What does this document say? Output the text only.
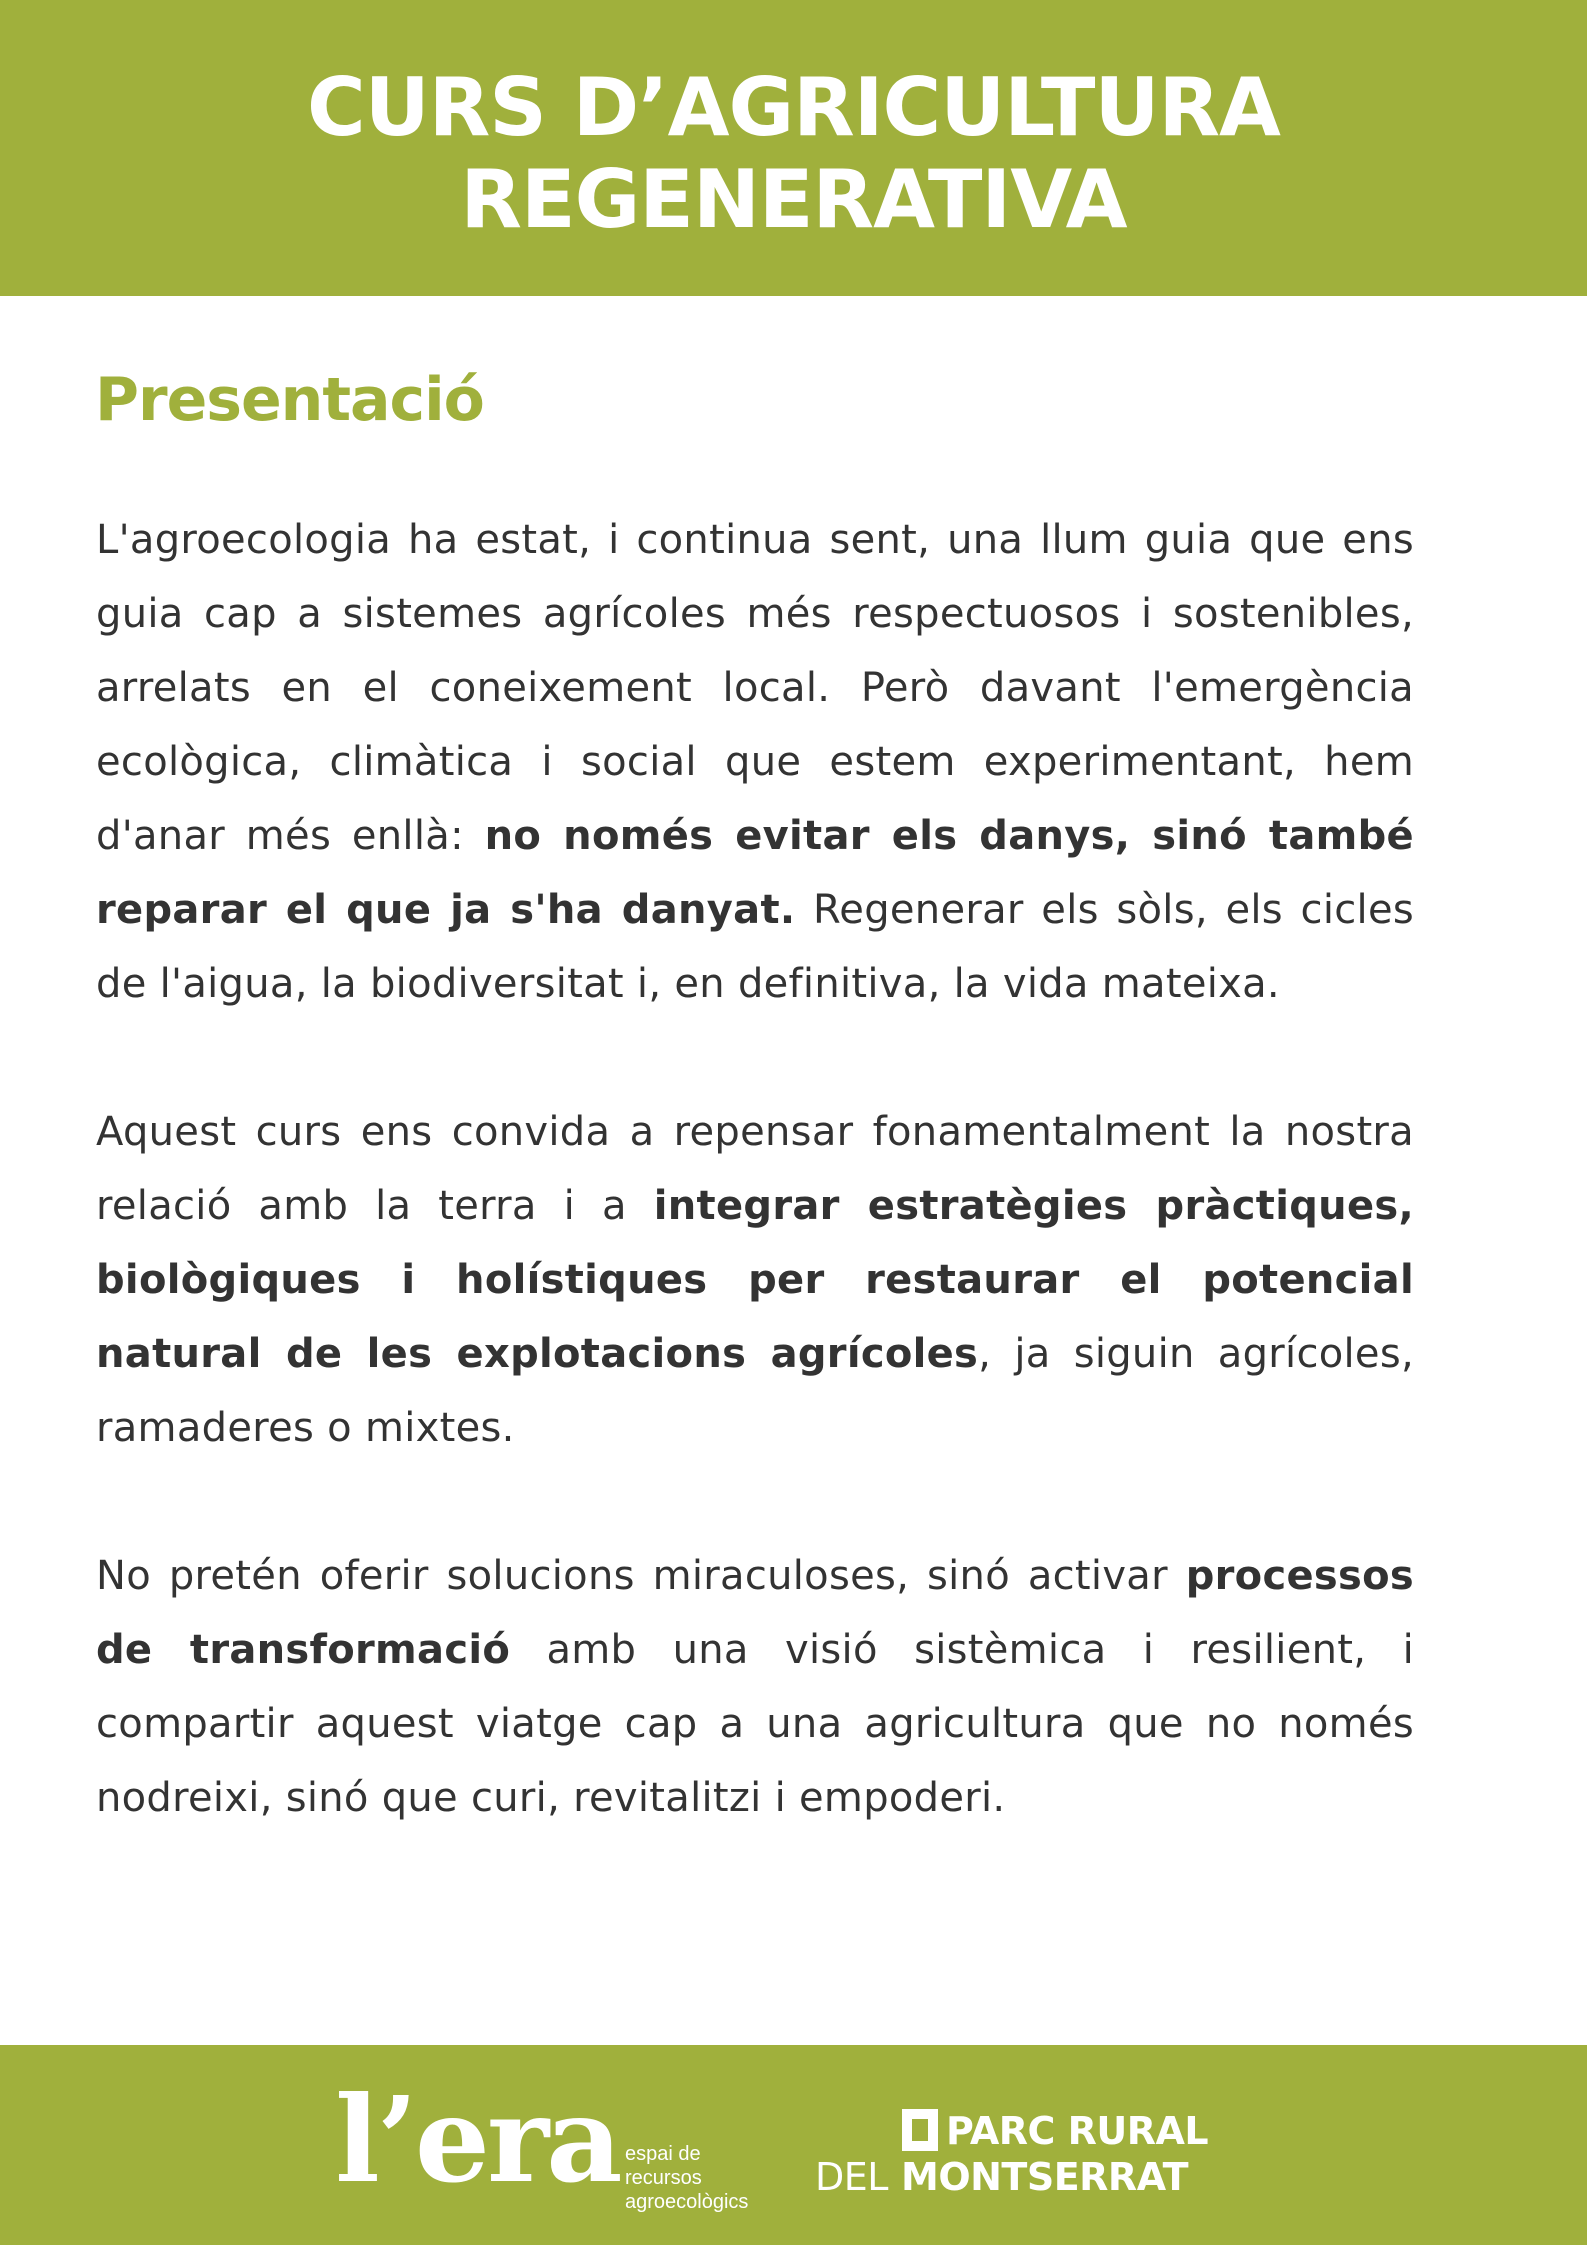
CURS D’AGRICULTURA
REGENERATIVA
Presentació

L'agroecologia ha estat, i continua sent, una llum guia que ens guia cap a sistemes agrícoles més respectuosos i sostenibles, arrelats en el coneixement local. Però davant l'emergència ecològica, climàtica i social que estem experimentant, hem d'anar més enllà: no només evitar els danys, sinó també reparar el que ja s'ha danyat. Regenerar els sòls, els cicles de l'aigua, la biodiversitat i, en definitiva, la vida mateixa.

Aquest curs ens convida a repensar fonamentalment la nostra relació amb la terra i a integrar estratègies pràctiques, biològiques i holístiques per restaurar el potencial natural de les explotacions agrícoles, ja siguin agrícoles, ramaderes o mixtes.

No pretén oferir solucions miraculoses, sinó activar processos de transformació amb una visió sistèmica i resilient, i compartir aquest viatge cap a una agricultura que no només nodreixi, sinó que curi, revitalitzi i empoderi.

l’era espai de
recursos
agroecològics
PARC RURAL
DEL MONTSERRAT
